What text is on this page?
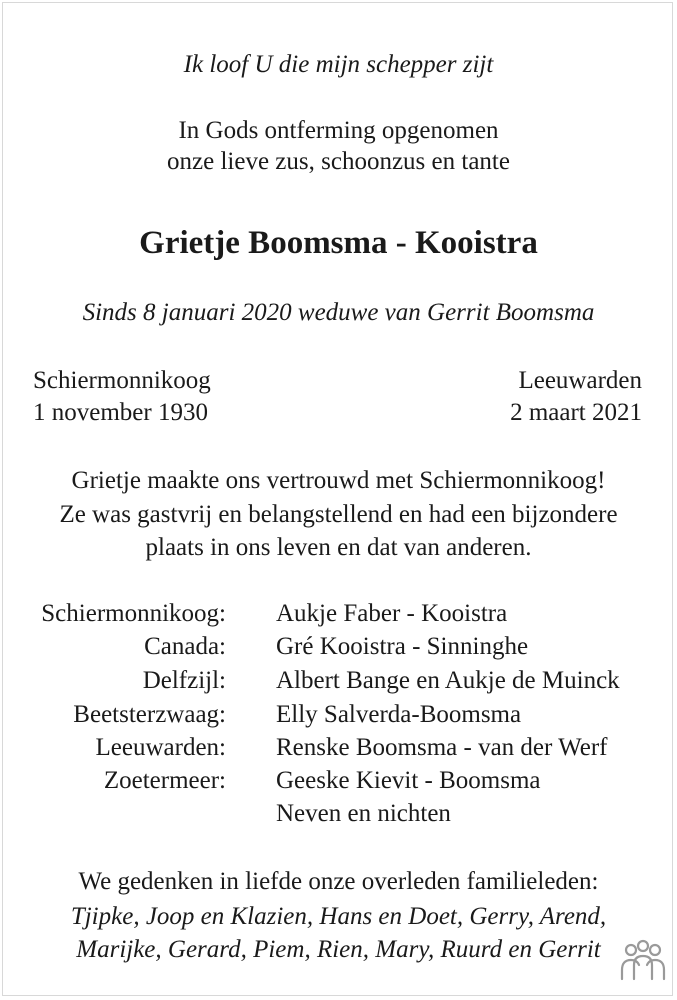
Ik loof U die mijn schepper zijt
In Gods ontferming opgenomen
onze lieve zus, schoonzus en tante
Grietje Boomsma - Kooistra
Sinds 8 januari 2020 weduwe van Gerrit Boomsma
Schiermonnikoog
1 november 1930
Leeuwarden
2 maart 2021
Grietje maakte ons vertrouwd met Schiermonnikoog!
Ze was gastvrij en belangstellend en had een bijzondere
plaats in ons leven en dat van anderen.
Schiermonnikoog: Aukje Faber - Kooistra
Canada: Gré Kooistra - Sinninghe
Delfzijl: Albert Bange en Aukje de Muinck
Beetsterzwaag: Elly Salverda-Boomsma
Leeuwarden: Renske Boomsma - van der Werf
Zoetermeer: Geeske Kievit - Boomsma
Neven en nichten
We gedenken in liefde onze overleden familieleden:
Tjipke, Joop en Klazien, Hans en Doet, Gerry, Arend,
Marijke, Gerard, Piem, Rien, Mary, Ruurd en Gerrit
